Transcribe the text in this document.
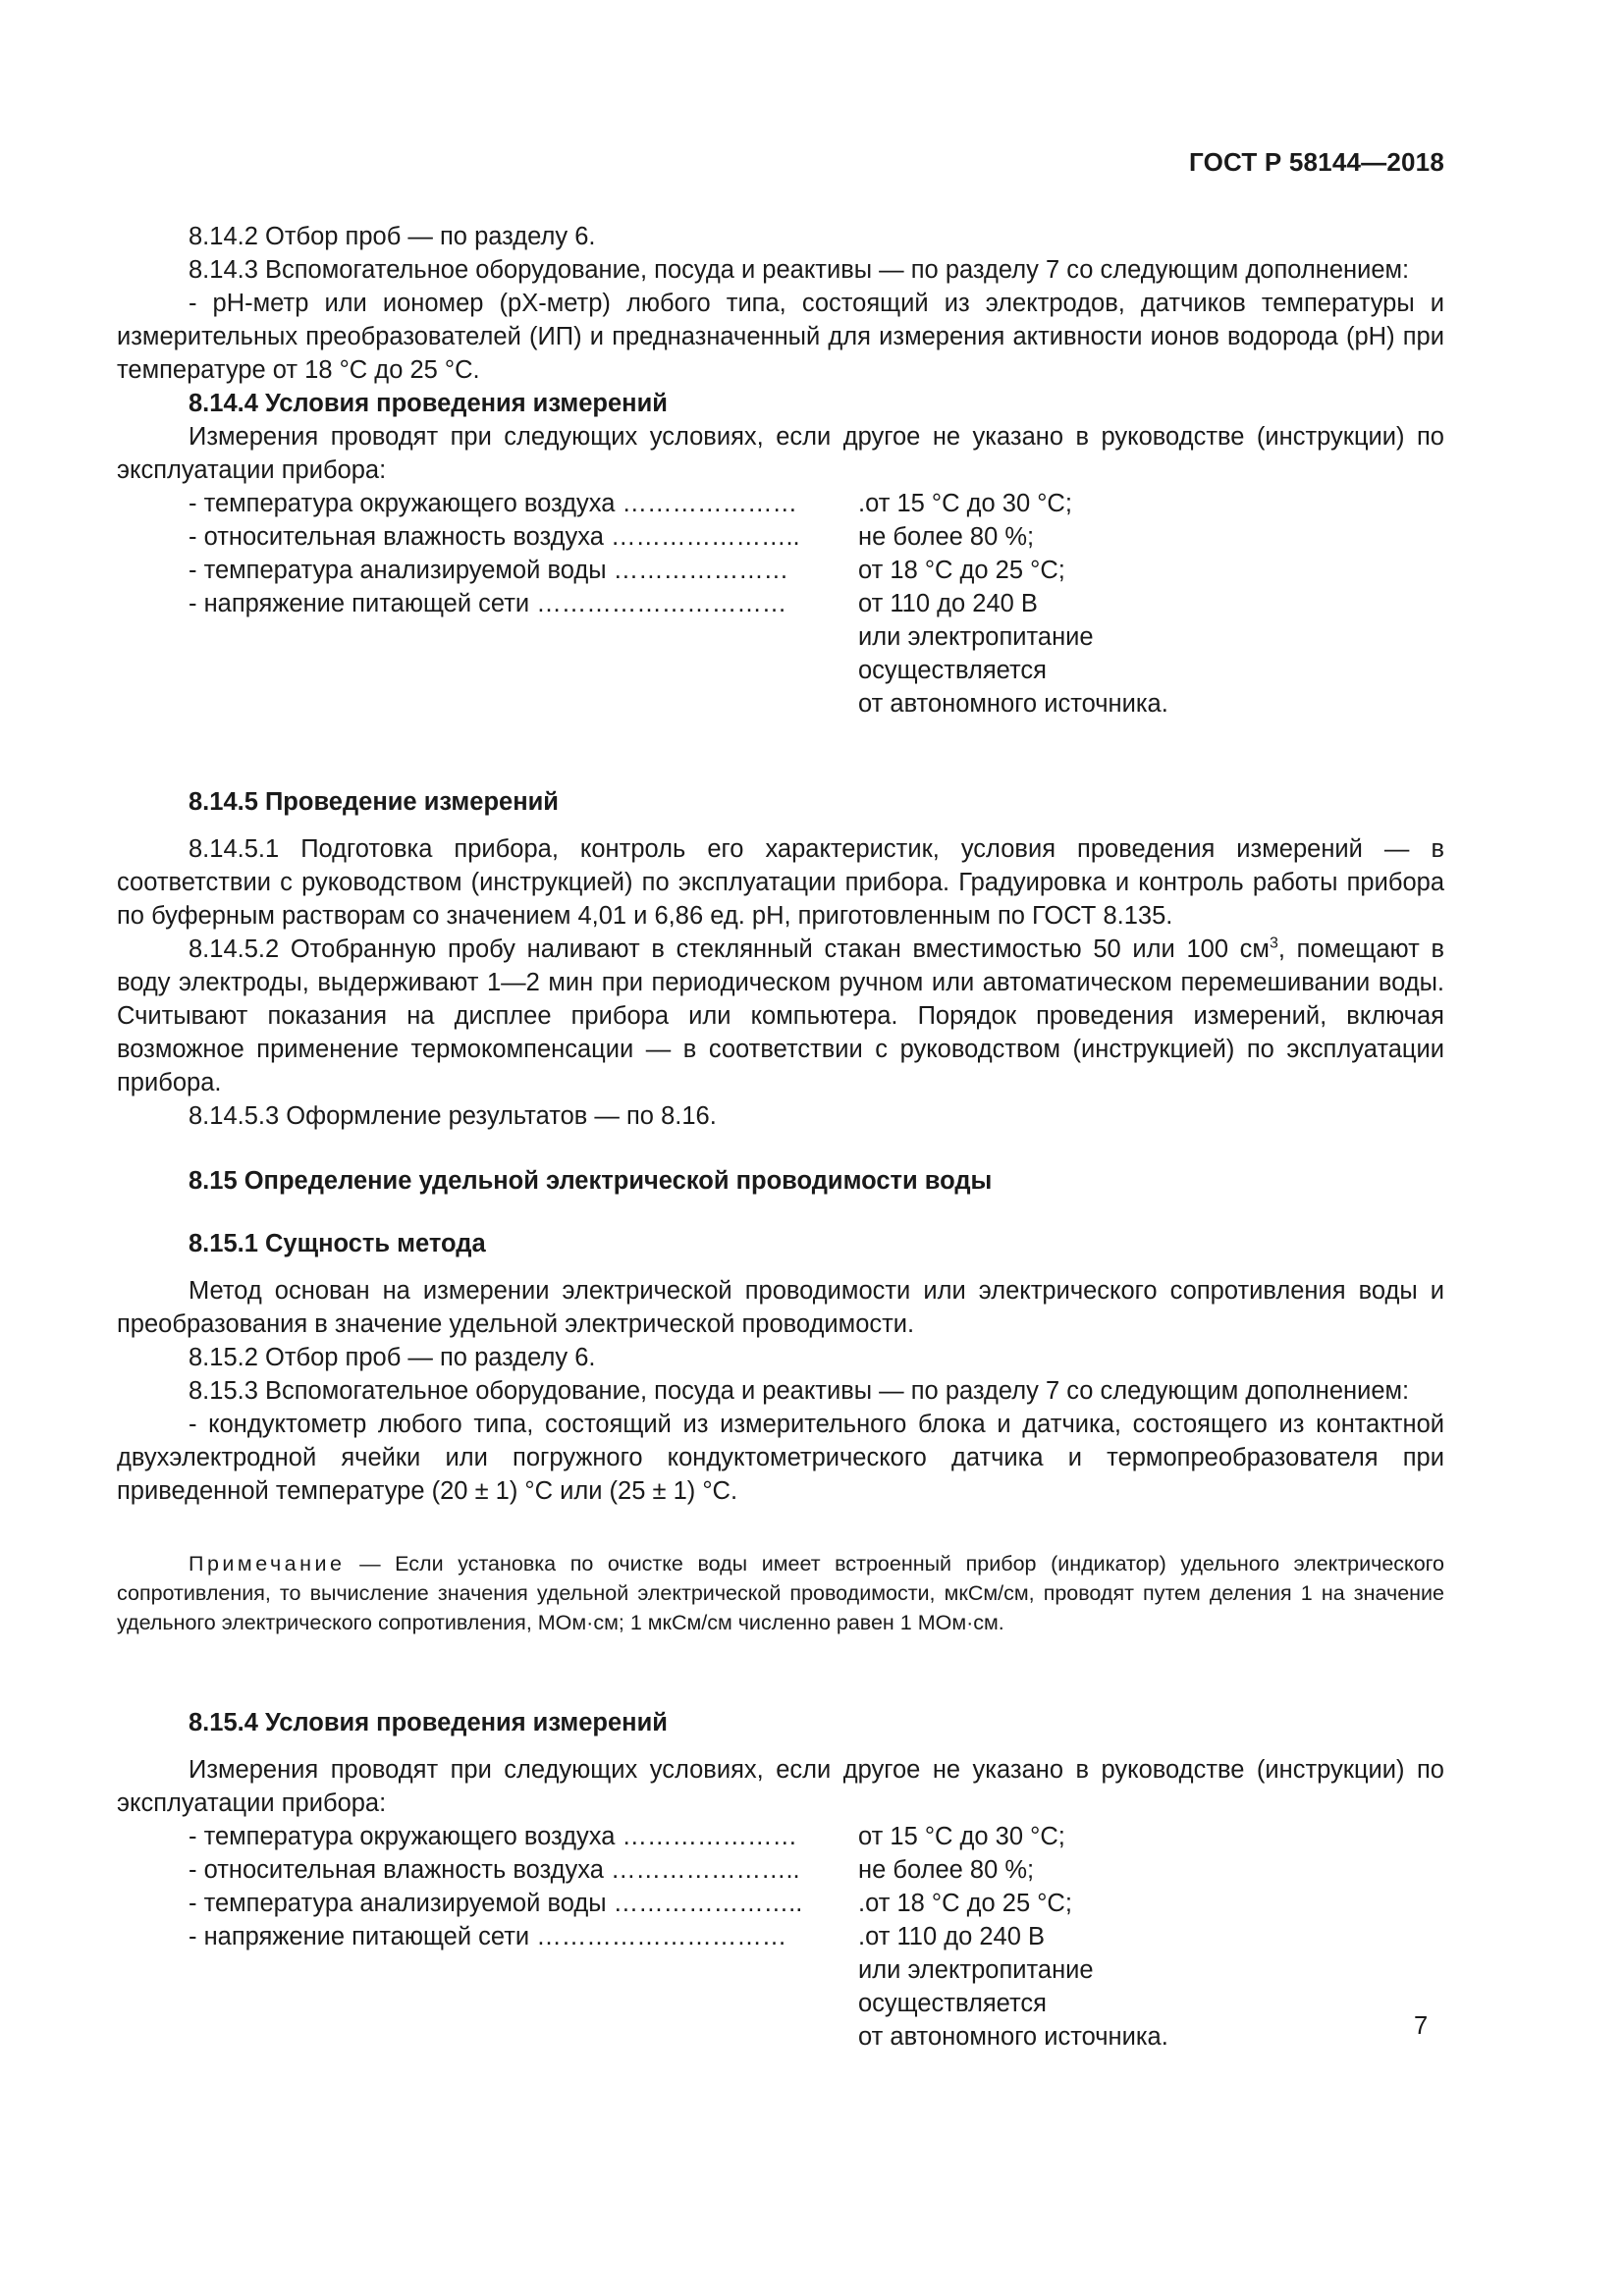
ГОСТ Р 58144—2018

8.14.2 Отбор проб — по разделу 6.

8.14.3 Вспомогательное оборудование, посуда и реактивы — по разделу 7 со следующим дополнением:

- pH-метр или иономер (рХ-метр) любого типа, состоящий из электродов, датчиков температуры и измерительных преобразователей (ИП) и предназначенный для измерения активности ионов водорода (pH) при температуре от 18 °С до 25 °С.

8.14.4 Условия проведения измерений

Измерения проводят при следующих условиях, если другое не указано в руководстве (инструкции) по эксплуатации прибора:

- температура окружающего воздуха ………………… .от 15 °С до 30 °С;
- относительная влажность воздуха ………………….. не более 80 %;
- температура анализируемой воды …………………	от 18 °С до 25 °С;
- напряжение питающей сети …………………………	от 110 до 240 В
или электропитание
осуществляется
от автономного источника.

8.14.5 Проведение измерений

8.14.5.1 Подготовка прибора, контроль его характеристик, условия проведения измерений — в соответствии с руководством (инструкцией) по эксплуатации прибора. Градуировка и контроль работы прибора по буферным растворам со значением 4,01 и 6,86 ед. pH, приготовленным по ГОСТ 8.135.

8.14.5.2 Отобранную пробу наливают в стеклянный стакан вместимостью 50 или 100 $см^3$, помещают в воду электроды, выдерживают 1—2 мин при периодическом ручном или автоматическом перемешивании воды. Считывают показания на дисплее прибора или компьютера. Порядок проведения измерений, включая возможное применение термокомпенсации — в соответствии с руководством (инструкцией) по эксплуатации прибора.

8.14.5.3 Оформление результатов — по 8.16.

8.15 Определение удельной электрической проводимости воды

8.15.1 Сущность метода

Метод основан на измерении электрической проводимости или электрического сопротивления воды и преобразования в значение удельной электрической проводимости.

8.15.2 Отбор проб — по разделу 6.

8.15.3 Вспомогательное оборудование, посуда и реактивы — по разделу 7 со следующим дополнением:

- кондуктометр любого типа, состоящий из измерительного блока и датчика, состоящего из контактной двухэлектродной ячейки или погружного кондуктометрического датчика и термопреобразователя при приведенной температуре (20 ± 1) °С или (25 ± 1) °С.

Примечание — Если установка по очистке воды имеет встроенный прибор (индикатор) удельного электрического сопротивления, то вычисление значения удельной электрической проводимости, мкСм/см, проводят путем деления 1 на значение удельного электрического сопротивления, МОм·см; 1 мкСм/см численно равен 1 МОм·см.

8.15.4 Условия проведения измерений

Измерения проводят при следующих условиях, если другое не указано в руководстве (инструкции) по эксплуатации прибора:

- температура окружающего воздуха ………………… от 15 °С до 30 °С;
- относительная влажность воздуха ………………….. не более 80 %;
- температура анализируемой воды ………………….. .от 18 °С до 25 °С;
- напряжение питающей сети …………………………	.от 110 до 240 В
или электропитание
осуществляется
от автономного источника.	7
